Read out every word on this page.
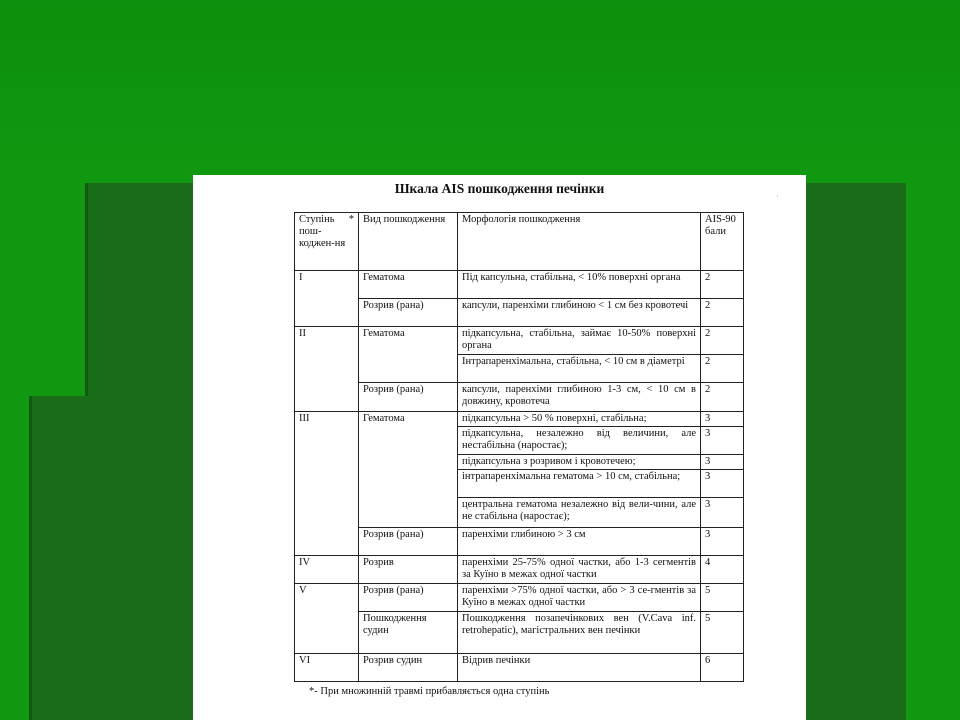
Шкала AIS пошкодження печінки
˙
Ступінь * пош-коджен-ня	Вид пошкодження	Морфологія пошкодження	AIS-90 бали
I	Гематома	Під капсульна, стабільна, < 10% поверхні органа	2
	Розрив (рана)	капсули, паренхіми глибиною < 1 см без кровотечі	2
II	Гематома	підкапсульна, стабільна, займає 10-50% поверхні органа	2
		Інтрапаренхімальна, стабільна, < 10 см в діаметрі	2
	Розрив (рана)	капсули, паренхіми глибиною 1-3 см, < 10 см в довжину, кровотеча	2
III	Гематома	підкапсульна > 50 % поверхні, стабільна;	3
		підкапсульна, незалежно від величини, але нестабільна (наростає);	3
		підкапсульна з розривом і кровотечею;	3
		інтрапаренхімальна гематома > 10 см, стабільна;	3
		центральна гематома незалежно від вели-чини, але не стабільна (наростає);	3
	Розрив (рана)	паренхіми глибиною > 3 см	3
IV	Розрив	паренхіми 25-75% одної частки, або 1-3 сегментів за Куїно в межах одної частки	4
V	Розрив (рана)	паренхіми >75% одної частки, або > 3 се-гментів за Куїно в межах одної частки	5
	Пошкодження судин	Пошкодження позапечінкових вен (V.Cava inf. retrohepatic), магістральних вен печінки	5
VI	Розрив судин	Відрив печінки	6
*- При множинній травмі прибавляється одна ступінь
